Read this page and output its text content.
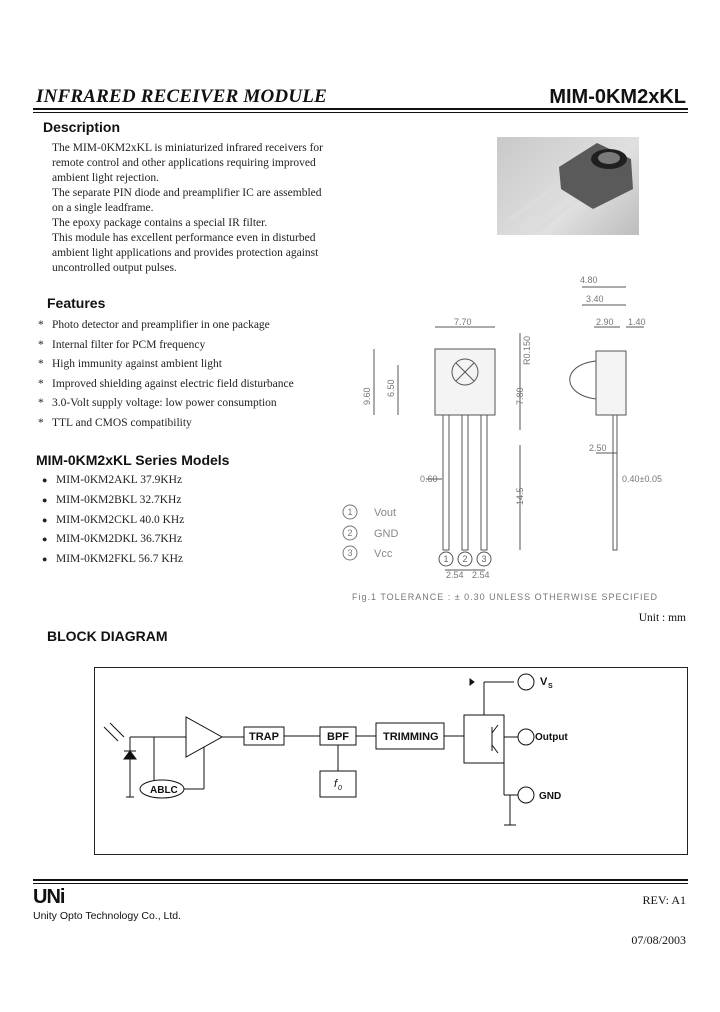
INFRARED RECEIVER MODULE	MIM-0KM2xKL
Description

The MIM-0KM2xKL is miniaturized infrared receivers for

remote control and other applications requiring improved

ambient light rejection.

The separate PIN diode and preamplifier IC are assembled

on a single leadframe.

The epoxy package contains a special IR filter.

This module has excellent performance even in disturbed

ambient light applications and provides protection against

uncontrolled output pulses.

Features
* Photo detector and preamplifier in one package
* Internal filter for PCM frequency
* High immunity against ambient light
* Improved shielding against electric field disturbance
* 3.0-Volt supply voltage: low power consumption
* TTL and CMOS compatibility
MIM-0KM2xKL Series Models
● MIM-0KM2AKL 37.9KHz
● MIM-0KM2BKL 32.7KHz
● MIM-0KM2CKL 40.0 KHz
● MIM-0KM2DKL 36.7KHz
● MIM-0KM2FKL 56.7 KHz
4.80
3.40
2.90 1.40
7.70
R0.150
9.60 6.50	7.80
0.60
14.5
2.54 2.54
2.50
0.40±0.05
1 2 3
1
2
3
Vout
GND
Vcc
Fig.1 TOLERANCE : ± 0.30 UNLESS OTHERWISE SPECIFIED
Unit : mm
BLOCK DIAGRAM
TRAP	BPF	TRIMMING
ABLC
Output
GND
f 0
V S
UNi
Unity Opto Technology Co., Ltd.
REV: A1
07/08/2003
